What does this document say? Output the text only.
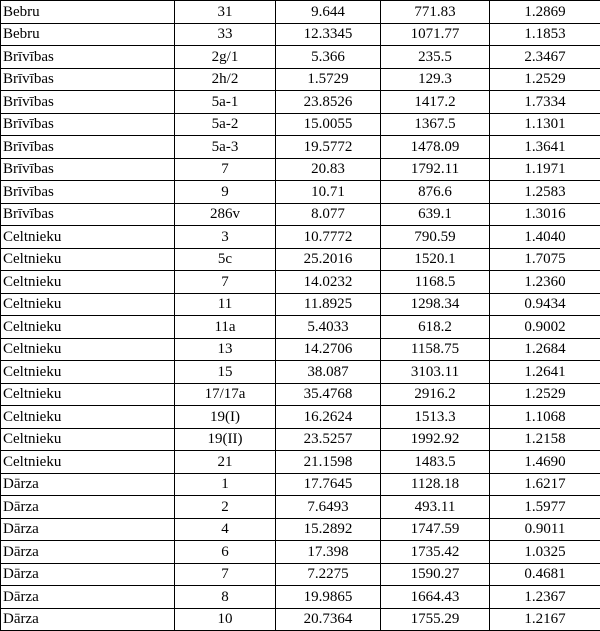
Bebru	31	9.644	771.83	1.2869
Bebru	33	12.3345	1071.77	1.1853
Brīvības	2g/1	5.366	235.5	2.3467
Brīvības	2h/2	1.5729	129.3	1.2529
Brīvības	5a-1	23.8526	1417.2	1.7334
Brīvības	5a-2	15.0055	1367.5	1.1301
Brīvības	5a-3	19.5772	1478.09	1.3641
Brīvības	7	20.83	1792.11	1.1971
Brīvības	9	10.71	876.6	1.2583
Brīvības	286v	8.077	639.1	1.3016
Celtnieku	3	10.7772	790.59	1.4040
Celtnieku	5c	25.2016	1520.1	1.7075
Celtnieku	7	14.0232	1168.5	1.2360
Celtnieku	11	11.8925	1298.34	0.9434
Celtnieku	11a	5.4033	618.2	0.9002
Celtnieku	13	14.2706	1158.75	1.2684
Celtnieku	15	38.087	3103.11	1.2641
Celtnieku	17/17a	35.4768	2916.2	1.2529
Celtnieku	19(I)	16.2624	1513.3	1.1068
Celtnieku	19(II)	23.5257	1992.92	1.2158
Celtnieku	21	21.1598	1483.5	1.4690
Dārza	1	17.7645	1128.18	1.6217
Dārza	2	7.6493	493.11	1.5977
Dārza	4	15.2892	1747.59	0.9011
Dārza	6	17.398	1735.42	1.0325
Dārza	7	7.2275	1590.27	0.4681
Dārza	8	19.9865	1664.43	1.2367
Dārza	10	20.7364	1755.29	1.2167
